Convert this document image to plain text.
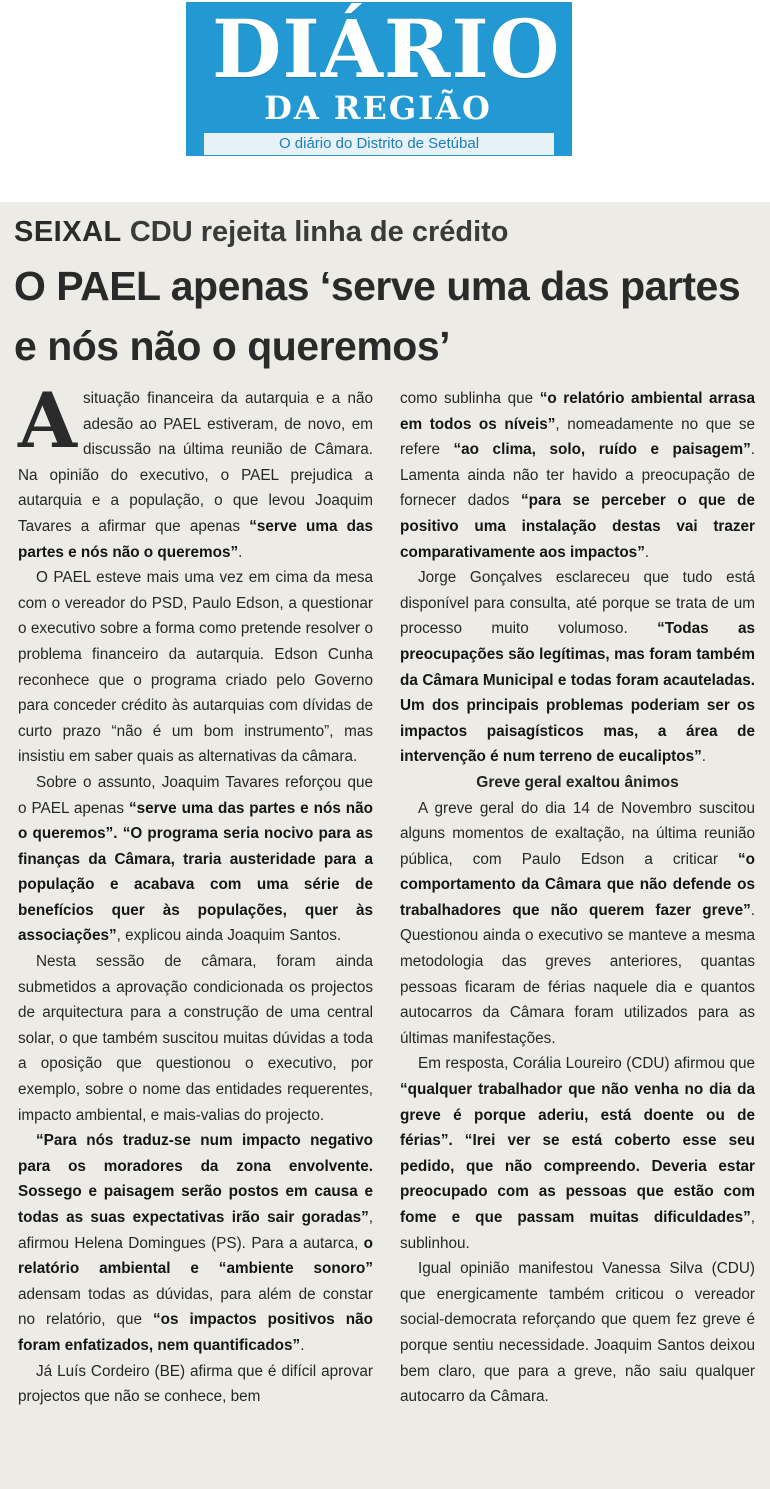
DIÁRIO
DA REGIÃO
O diário do Distrito de Setúbal
SEIXAL CDU rejeita linha de crédito
O PAEL apenas ‘serve uma das partes e nós não o queremos’

Asituação financeira da autarquia e a não adesão ao PAEL estiveram, de novo, em discussão na última reunião de Câmara. Na opinião do executivo, o PAEL prejudica a autarquia e a população, o que levou Joaquim Tavares a afirmar que apenas “serve uma das partes e nós não o queremos”.

O PAEL esteve mais uma vez em cima da mesa com o vereador do PSD, Paulo Edson, a questionar o executivo sobre a forma como pretende resolver o problema financeiro da autarquia. Edson Cunha reconhece que o programa criado pelo Governo para conceder crédito às autarquias com dívidas de curto prazo “não é um bom instrumento”, mas insistiu em saber quais as alternativas da câmara.

Sobre o assunto, Joaquim Tavares reforçou que o PAEL apenas “serve uma das partes e nós não o queremos”. “O programa seria nocivo para as finanças da Câmara, traria austeridade para a população e acabava com uma série de benefícios quer às populações, quer às associações”, explicou ainda Joaquim Santos.

Nesta sessão de câmara, foram ainda submetidos a aprovação condicionada os projectos de arquitectura para a construção de uma central solar, o que também suscitou muitas dúvidas a toda a oposição que questionou o executivo, por exemplo, sobre o nome das entidades requerentes, impacto ambiental, e mais-valias do projecto.

“Para nós traduz-se num impacto negativo para os moradores da zona envolvente. Sossego e paisagem serão postos em causa e todas as suas expectativas irão sair goradas”, afirmou Helena Domingues (PS). Para a autarca, o relatório ambiental e “ambiente sonoro” adensam todas as dúvidas, para além de constar no relatório, que “os impactos positivos não foram enfatizados, nem quantificados”.

Já Luís Cordeiro (BE) afirma que é difícil aprovar projectos que não se conhece, bem

como sublinha que “o relatório ambiental arrasa em todos os níveis”, nomeadamente no que se refere “ao clima, solo, ruído e paisagem”. Lamenta ainda não ter havido a preocupação de fornecer dados “para se perceber o que de positivo uma instalação destas vai trazer comparativamente aos impactos”.

Jorge Gonçalves esclareceu que tudo está disponível para consulta, até porque se trata de um processo muito volumoso. “Todas as preocupações são legítimas, mas foram também da Câmara Municipal e todas foram acauteladas. Um dos principais problemas poderiam ser os impactos paisagísticos mas, a área de intervenção é num terreno de eucaliptos”.

Greve geral exaltou ânimos

A greve geral do dia 14 de Novembro suscitou alguns momentos de exaltação, na última reunião pública, com Paulo Edson a criticar “o comportamento da Câmara que não defende os trabalhadores que não querem fazer greve”. Questionou ainda o executivo se manteve a mesma metodologia das greves anteriores, quantas pessoas ficaram de férias naquele dia e quantos autocarros da Câmara foram utilizados para as últimas manifestações.

Em resposta, Corália Loureiro (CDU) afirmou que “qualquer trabalhador que não venha no dia da greve é porque aderiu, está doente ou de férias”. “Irei ver se está coberto esse seu pedido, que não compreendo. Deveria estar preocupado com as pessoas que estão com fome e que passam muitas dificuldades”, sublinhou.

Igual opinião manifestou Vanessa Silva (CDU) que energicamente também criticou o vereador social-democrata reforçando que quem fez greve é porque sentiu necessidade. Joaquim Santos deixou bem claro, que para a greve, não saiu qualquer autocarro da Câmara.
